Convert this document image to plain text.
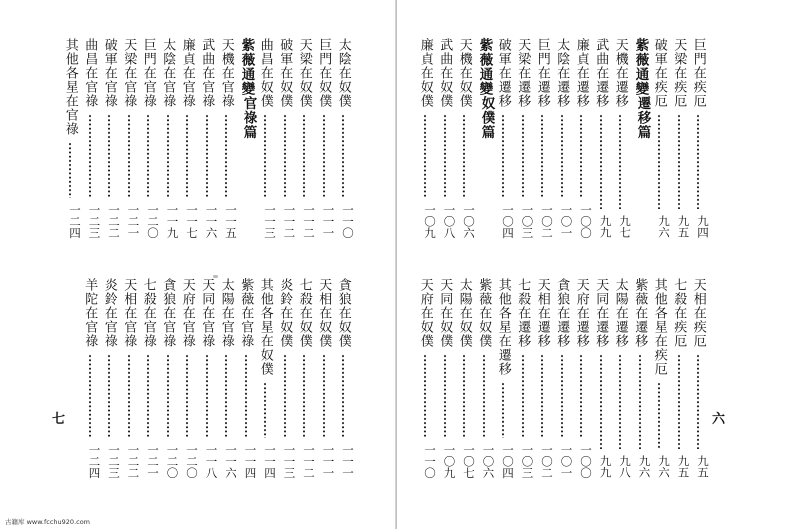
太陰在奴僕
一一〇
巨門在奴僕
一一一
天梁在奴僕
一一二
破軍在奴僕
一一二
曲昌在奴僕
一一三
紫薇通變
官祿篇
天機在官祿
一一五
武曲在官祿
一一六
廉貞在官祿
一一七
太陰在官祿
一一九
巨門在官祿
一二〇
天梁在官祿
一二一
破軍在官祿
一二二
曲昌在官祿
一二三
其他各星在官祿
一二四
貪狼在奴僕
一一一
天相在奴僕
一一一
七殺在奴僕
一一二
炎鈴在奴僕
一一三
其他各星在奴僕
一一四
紫薇在官祿
一一四
太陽在官祿
一一六
天同在官祿
一一八
天府在官祿
一二〇
貪狼在官祿
一二〇
七殺在官祿
一二一
天相在官祿
一二二
炎鈴在官祿
一二三
羊陀在官祿
一二四
七
巨門在疾厄
九四
天梁在疾厄
九五
破軍在疾厄
九六
紫薇通變
遷移篇
天機在遷移
九七
武曲在遷移
九九
廉貞在遷移
一〇〇
太陰在遷移
一〇一
巨門在遷移
一〇二
天梁在遷移
一〇三
破軍在遷移
一〇四
紫薇通變
奴僕篇
天機在奴僕
一〇六
武曲在奴僕
一〇八
廉貞在奴僕
一〇九
天相在疾厄
九五
七殺在疾厄
九五
其他各星在疾厄
九六
紫薇在遷移
九六
太陽在遷移
九八
天同在遷移
九九
天府在遷移
一〇〇
貪狼在遷移
一〇一
天相在遷移
一〇二
七殺在遷移
一〇三
其他各星在遷移
一〇四
紫薇在奴僕
一〇六
太陽在奴僕
一〇七
天同在奴僕
一〇九
天府在奴僕
一一〇
六
古籍库 www.fcchu920.com
